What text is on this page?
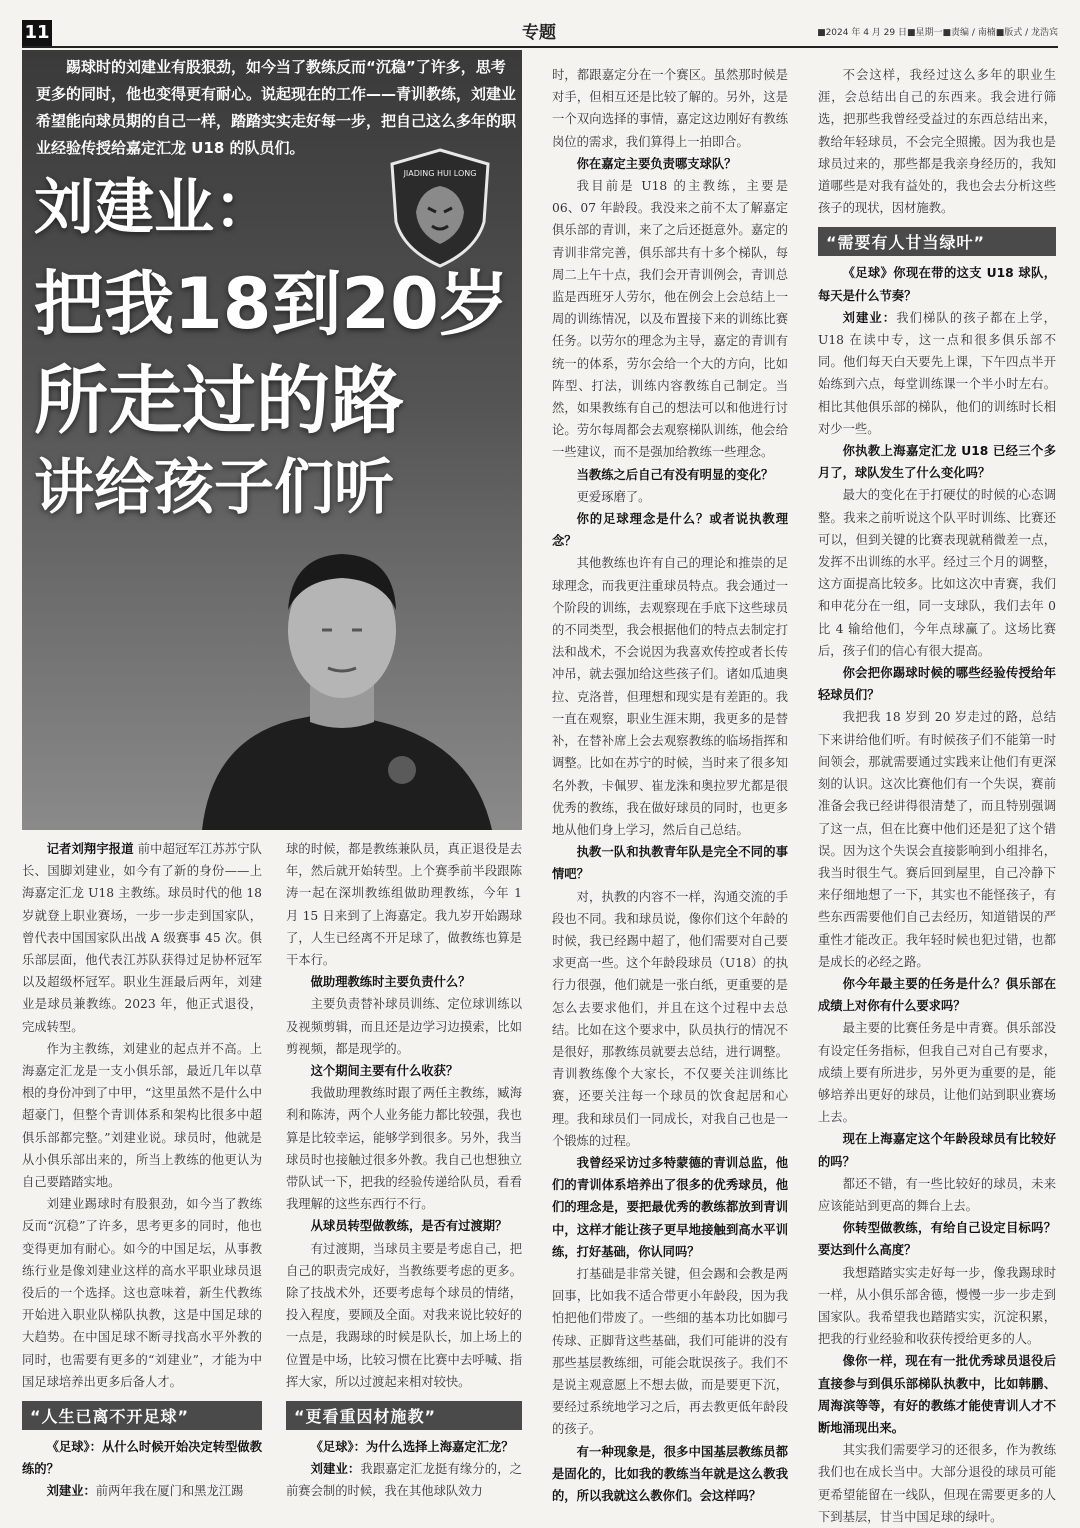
11	专题	■2024 年 4 月 29 日■星期一■责编 / 南楠■版式 / 龙浩宾

踢球时的刘建业有股狠劲，如今当了教练反而“沉稳”了许多，思考更多的同时，他也变得更有耐心。说起现在的工作——青训教练，刘建业希望能向球员期的自己一样，踏踏实实走好每一步，把自己这么多年的职业经验传授给嘉定汇龙 U18 的队员们。

JIADING HUI LONG
刘建业：
把我18到20岁
所走过的路
讲给孩子们听

记者刘翔宇报道 前中超冠军江苏苏宁队长、国脚刘建业，如今有了新的身份——上海嘉定汇龙 U18 主教练。球员时代的他 18 岁就登上职业赛场，一步一步走到国家队，曾代表中国国家队出战 A 级赛事 45 次。俱乐部层面，他代表江苏队获得过足协杯冠军以及超级杯冠军。职业生涯最后两年，刘建业是球员兼教练。2023 年，他正式退役，完成转型。

作为主教练，刘建业的起点并不高。上海嘉定汇龙是一支小俱乐部，最近几年以草根的身份冲到了中甲，“这里虽然不是什么中超豪门，但整个青训体系和架构比很多中超俱乐部都完整。”刘建业说。球员时，他就是从小俱乐部出来的，所当上教练的他更认为自己要踏踏实地。

刘建业踢球时有股狠劲，如今当了教练反而“沉稳”了许多，思考更多的同时，他也变得更加有耐心。如今的中国足坛，从事教练行业是像刘建业这样的高水平职业球员退役后的一个选择。这也意味着，新生代教练开始进入职业队梯队执教，这是中国足球的大趋势。在中国足球不断寻找高水平外教的同时，也需要有更多的“刘建业”，才能为中国足球培养出更多后备人才。

“人生已离不开足球”

《足球》：从什么时候开始决定转型做教练的？

刘建业：前两年我在厦门和黑龙江踢

球的时候，都是教练兼队员，真正退役是去年，然后就开始转型。上个赛季前半段跟陈涛一起在深圳教练组做助理教练，今年 1 月 15 日来到了上海嘉定。我九岁开始踢球了，人生已经离不开足球了，做教练也算是干本行。

做助理教练时主要负责什么？

主要负责替补球员训练、定位球训练以及视频剪辑，而且还是边学习边摸索，比如剪视频，都是现学的。

这个期间主要有什么收获？

我做助理教练时跟了两任主教练，臧海利和陈涛，两个人业务能力都比较强，我也算是比较幸运，能够学到很多。另外，我当球员时也接触过很多外教。我自己也想独立带队试一下，把我的经验传递给队员，看看我理解的这些东西行不行。

从球员转型做教练，是否有过渡期？

有过渡期，当球员主要是考虑自己，把自己的职责完成好，当教练要考虑的更多。除了技战术外，还要考虑每个球员的情绪，投入程度，要顾及全面。对我来说比较好的一点是，我踢球的时候是队长，加上场上的位置是中场，比较习惯在比赛中去呼喊、指挥大家，所以过渡起来相对较快。

“更看重因材施教”

《足球》：为什么选择上海嘉定汇龙？

刘建业：我跟嘉定汇龙挺有缘分的，之前赛会制的时候，我在其他球队效力

时，都跟嘉定分在一个赛区。虽然那时候是对手，但相互还是比较了解的。另外，这是一个双向选择的事情，嘉定这边刚好有教练岗位的需求，我们算得上一拍即合。

你在嘉定主要负责哪支球队？

我目前是 U18 的主教练，主要是 06、07 年龄段。我没来之前不太了解嘉定俱乐部的青训，来了之后还挺意外。嘉定的青训非常完善，俱乐部共有十多个梯队，每周二上午十点，我们会开青训例会，青训总监是西班牙人劳尔，他在例会上会总结上一周的训练情况，以及布置接下来的训练比赛任务。以劳尔的理念为主导，嘉定的青训有统一的体系，劳尔会给一个大的方向，比如阵型、打法，训练内容教练自己制定。当然，如果教练有自己的想法可以和他进行讨论。劳尔每周都会去观察梯队训练，他会给一些建议，而不是强加给教练一些理念。

当教练之后自己有没有明显的变化？

更爱琢磨了。

你的足球理念是什么？或者说执教理念？

其他教练也许有自己的理论和推崇的足球理念，而我更注重球员特点。我会通过一个阶段的训练，去观察现在手底下这些球员的不同类型，我会根据他们的特点去制定打法和战术，不会说因为我喜欢传控或者长传冲吊，就去强加给这些孩子们。诸如瓜迪奥拉、克洛普，但理想和现实是有差距的。我一直在观察，职业生涯末期，我更多的是替补，在替补席上会去观察教练的临场指挥和调整。比如在苏宁的时候，当时来了很多知名外教，卡佩罗、崔龙洙和奥拉罗尤都是很优秀的教练，我在做好球员的同时，也更多地从他们身上学习，然后自己总结。

执教一队和执教青年队是完全不同的事情吧？

对，执教的内容不一样，沟通交流的手段也不同。我和球员说，像你们这个年龄的时候，我已经踢中超了，他们需要对自己要求更高一些。这个年龄段球员（U18）的执行力很强，他们就是一张白纸，更重要的是怎么去要求他们，并且在这个过程中去总结。比如在这个要求中，队员执行的情况不是很好，那教练员就要去总结，进行调整。青训教练像个大家长，不仅要关注训练比赛，还要关注每一个球员的饮食起居和心理。我和球员们一同成长，对我自己也是一个锻炼的过程。

我曾经采访过多特蒙德的青训总监，他们的青训体系培养出了很多的优秀球员，他们的理念是，要把最优秀的教练都放到青训中，这样才能让孩子更早地接触到高水平训练，打好基础，你认同吗？

打基础是非常关键，但会踢和会教是两回事，比如我不适合带更小年龄段，因为我怕把他们带废了。一些细的基本功比如脚弓传球、正脚背这些基础，我们可能讲的没有那些基层教练细，可能会耽误孩子。我们不是说主观意愿上不想去做，而是要更下沉，要经过系统地学习之后，再去教更低年龄段的孩子。

有一种现象是，很多中国基层教练员都是固化的，比如我的教练当年就是这么教我的，所以我就这么教你们。会这样吗？

不会这样，我经过这么多年的职业生涯，会总结出自己的东西来。我会进行筛选，把那些我曾经受益过的东西总结出来，教给年轻球员，不会完全照搬。因为我也是球员过来的，那些都是我亲身经历的，我知道哪些是对我有益处的，我也会去分析这些孩子的现状，因材施教。

“需要有人甘当绿叶”

《足球》你现在带的这支 U18 球队，每天是什么节奏？

刘建业：我们梯队的孩子都在上学，U18 在读中专，这一点和很多俱乐部不同。他们每天白天要先上课，下午四点半开始练到六点，每堂训练课一个半小时左右。相比其他俱乐部的梯队，他们的训练时长相对少一些。

你执教上海嘉定汇龙 U18 已经三个多月了，球队发生了什么变化吗？

最大的变化在于打硬仗的时候的心态调整。我来之前听说这个队平时训练、比赛还可以，但到关键的比赛表现就稍微差一点，发挥不出训练的水平。经过三个月的调整，这方面提高比较多。比如这次中青赛，我们和申花分在一组，同一支球队，我们去年 0 比 4 输给他们，今年点球赢了。这场比赛后，孩子们的信心有很大提高。

你会把你踢球时候的哪些经验传授给年轻球员们？

我把我 18 岁到 20 岁走过的路，总结下来讲给他们听。有时候孩子们不能第一时间领会，那就需要通过实践来让他们有更深刻的认识。这次比赛他们有一个失误，赛前准备会我已经讲得很清楚了，而且特别强调了这一点，但在比赛中他们还是犯了这个错误。因为这个失误会直接影响到小组排名，我当时很生气。赛后回到屋里，自己冷静下来仔细地想了一下，其实也不能怪孩子，有些东西需要他们自己去经历，知道错误的严重性才能改正。我年轻时候也犯过错，也都是成长的必经之路。

你今年最主要的任务是什么？俱乐部在成绩上对你有什么要求吗？

最主要的比赛任务是中青赛。俱乐部没有设定任务指标，但我自己对自己有要求，成绩上要有所进步，另外更为重要的是，能够培养出更好的球员，让他们站到职业赛场上去。

现在上海嘉定这个年龄段球员有比较好的吗？

都还不错，有一些比较好的球员，未来应该能站到更高的舞台上去。

你转型做教练，有给自己设定目标吗？要达到什么高度？

我想踏踏实实走好每一步，像我踢球时一样，从小俱乐部舍德，慢慢一步一步走到国家队。我希望我也踏踏实实，沉淀积累，把我的行业经验和收获传授给更多的人。

像你一样，现在有一批优秀球员退役后直接参与到俱乐部梯队执教中，比如韩鹏、周海滨等等，有好的教练才能使青训人才不断地涌现出来。

其实我们需要学习的还很多，作为教练我们也在成长当中。大部分退役的球员可能更希望能留在一线队，但现在需要更多的人下到基层，甘当中国足球的绿叶。
